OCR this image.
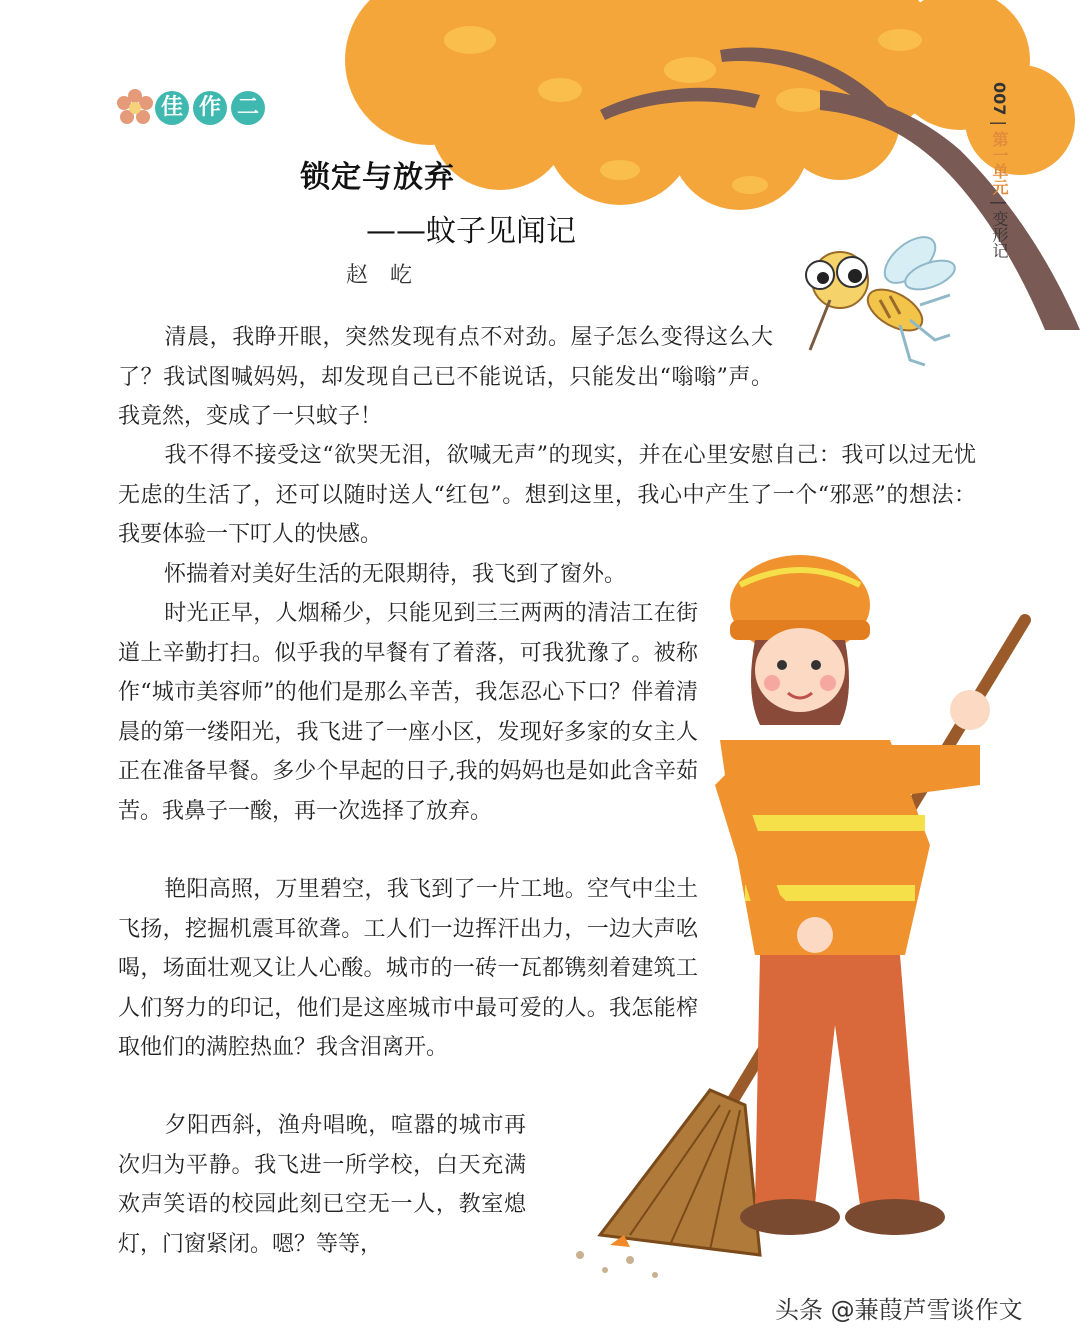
佳 作 二	007 | 第一单元 | 变形记
锁定与放弃
——蚊子见闻记
赵屹

清晨，我睁开眼，突然发现有点不对劲。屋子怎么变得这么大了？我试图喊妈妈，却发现自己已不能说话，只能发出“嗡嗡”声。我竟然，变成了一只蚊子！

我不得不接受这“欲哭无泪，欲喊无声”的现实，并在心里安慰自己：我可以过无忧无虑的生活了，还可以随时送人“红包”。想到这里，我心中产生了一个“邪恶”的想法：我要体验一下叮人的快感。

怀揣着对美好生活的无限期待，我飞到了窗外。

时光正早，人烟稀少，只能见到三三两两的清洁工在街道上辛勤打扫。似乎我的早餐有了着落，可我犹豫了。被称作“城市美容师”的他们是那么辛苦，我怎忍心下口？伴着清晨的第一缕阳光，我飞进了一座小区，发现好多家的女主人正在准备早餐。多少个早起的日子,我的妈妈也是如此含辛茹苦。我鼻子一酸，再一次选择了放弃。

艳阳高照，万里碧空，我飞到了一片工地。空气中尘土飞扬，挖掘机震耳欲聋。工人们一边挥汗出力，一边大声吆喝，场面壮观又让人心酸。城市的一砖一瓦都镌刻着建筑工人们努力的印记，他们是这座城市中最可爱的人。我怎能榨取他们的满腔热血？我含泪离开。

夕阳西斜，渔舟唱晚，喧嚣的城市再次归为平静。我飞进一所学校，白天充满欢声笑语的校园此刻已空无一人，教室熄灯，门窗紧闭。嗯？等等，

头条 @蒹葭芦雪谈作文
